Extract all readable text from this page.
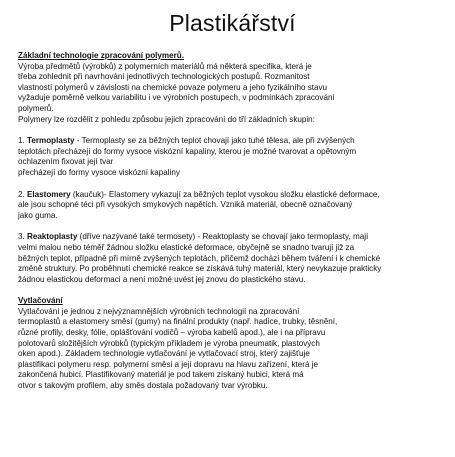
Plastikářství

Základní technologie zpracování polymerů.

Výroba předmětů (výrobků) z polymerních materiálů má některá specifika, která je

třeba zohlednit při navrhování jednotlivých technologických postupů. Rozmanitost

vlastností polymerů v závislosti na chemické povaze polymeru a jeho fyzikálního stavu

vyžaduje poměrně velkou variabilitu i ve výrobních postupech, v podmínkách zpracování

polymerů.

Polymery lze rozdělit z pohledu způsobu jejich zpracování do tří základních skupin:

1. Termoplasty - Termoplasty se za běžných teplot chovají jako tuhé tělesa, ale při zvýšených

teplotách přecházejí do formy vysoce viskózní kapaliny, kterou je možné tvarovat a opětovným

ochlazením fixovat její tvar

přecházejí do formy vysoce viskózní kapaliny

2. Elastomery (kaučuk)- Elastomery vykazují za běžných teplot vysokou složku elastické deformace,

ale jsou schopné téci při vysokých smykových napětích. Vzniká materiál, obecně označovaný

jako guma.

3. Reaktoplasty (dříve nazývané také termosety) - Reaktoplasty se chovají jako termoplasty, mají

velmi malou nebo téměř žádnou složku elastické deformace, obyčejně se snadno tvarují již za

běžných teplot, případně při mírně zvýšených teplotách, přičemž dochází během tváření i k chemické

změně struktury. Po proběhnutí chemické reakce se získává tuhý materiál, který nevykazuje prakticky

žádnou elastickou deformaci a není možné uvést jej znovu do plastického stavu.

Vytlačování

Vytlačování je jednou z nejvýznamnějších výrobních technologií na zpracování

termoplastů a elastomery směsí (gumy) na finální produkty (např. hadice, trubky, těsnění,

různé profily, desky, fólie, oplášťování vodičů – výroba kabelů apod.), ale i na přípravu

polotovarů složitějších výrobků (typickým příkladem je výroba pneumatik, plastových

oken apod.). Základem technologie vytlačování je vytlačovací stroj, který zajišťuje

plastifikaci polymeru resp. polymerní směsi a její dopravu na hlavu zařízení, která je

zakončená hubicí. Plastifikovaný materiál je pod takem získaný hubici, která má

otvor s takovým profilem, aby směs dostala požadovaný tvar výrobku.
